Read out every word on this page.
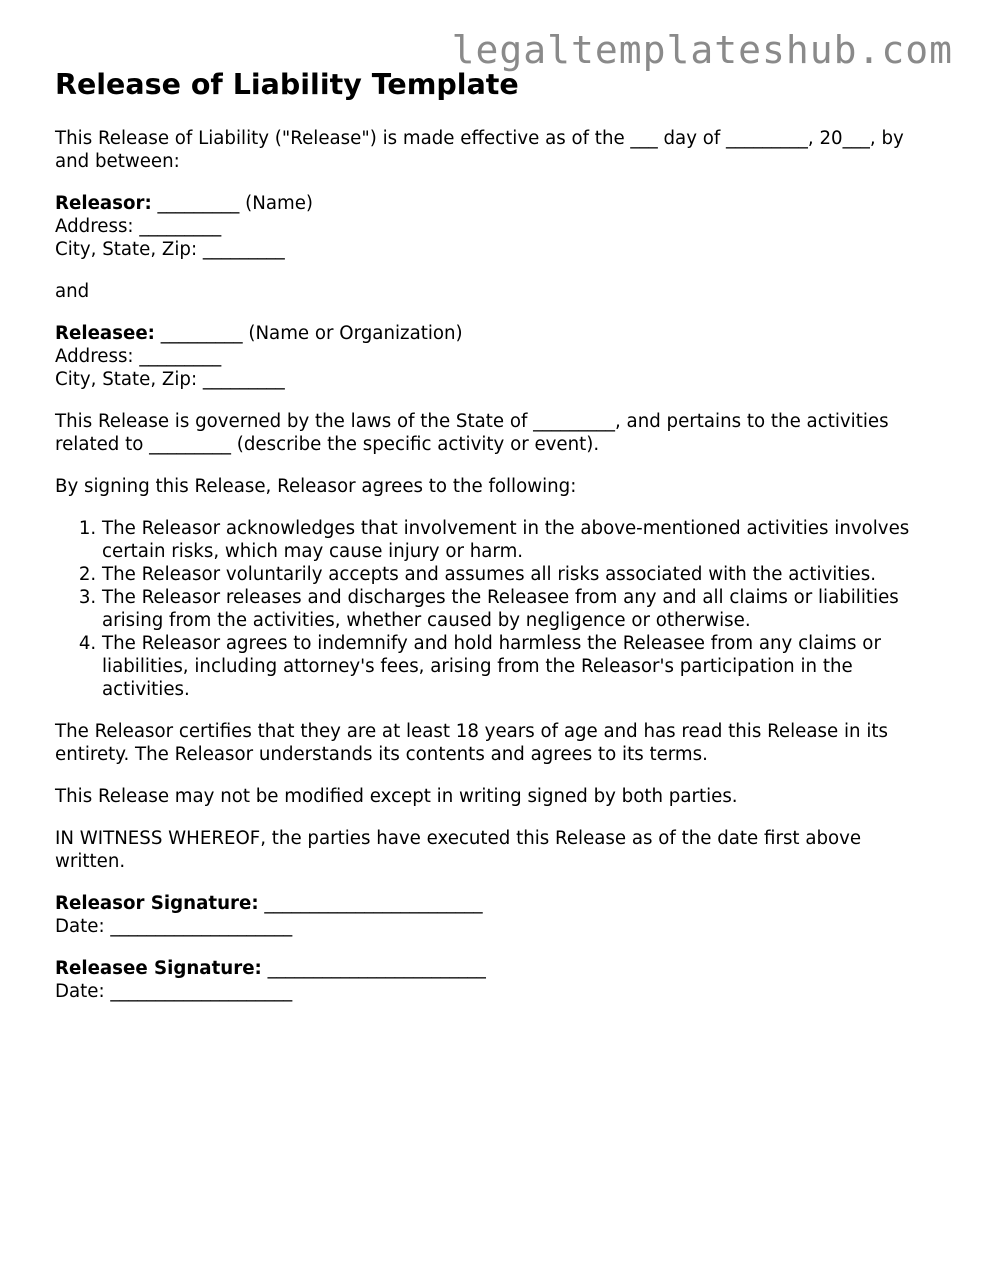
legaltemplateshub.com
Release of Liability Template

This Release of Liability ("Release") is made effective as of the ___ day of _________, 20___, by and between:

Releasor: _________ (Name)
Address: _________
City, State, Zip: _________

and

Releasee: _________ (Name or Organization)
Address: _________
City, State, Zip: _________

This Release is governed by the laws of the State of _________, and pertains to the activities related to _________ (describe the specific activity or event).

By signing this Release, Releasor agrees to the following:

1. The Releasor acknowledges that involvement in the above-mentioned activities involves certain risks, which may cause injury or harm.
2. The Releasor voluntarily accepts and assumes all risks associated with the activities.
3. The Releasor releases and discharges the Releasee from any and all claims or liabilities arising from the activities, whether caused by negligence or otherwise.
4. The Releasor agrees to indemnify and hold harmless the Releasee from any claims or liabilities, including attorney's fees, arising from the Releasor's participation in the activities.

The Releasor certifies that they are at least 18 years of age and has read this Release in its entirety. The Releasor understands its contents and agrees to its terms.

This Release may not be modified except in writing signed by both parties.

IN WITNESS WHEREOF, the parties have executed this Release as of the date first above written.

Releasor Signature: ________________________
Date: ____________________
Releasee Signature: ________________________
Date: ____________________
